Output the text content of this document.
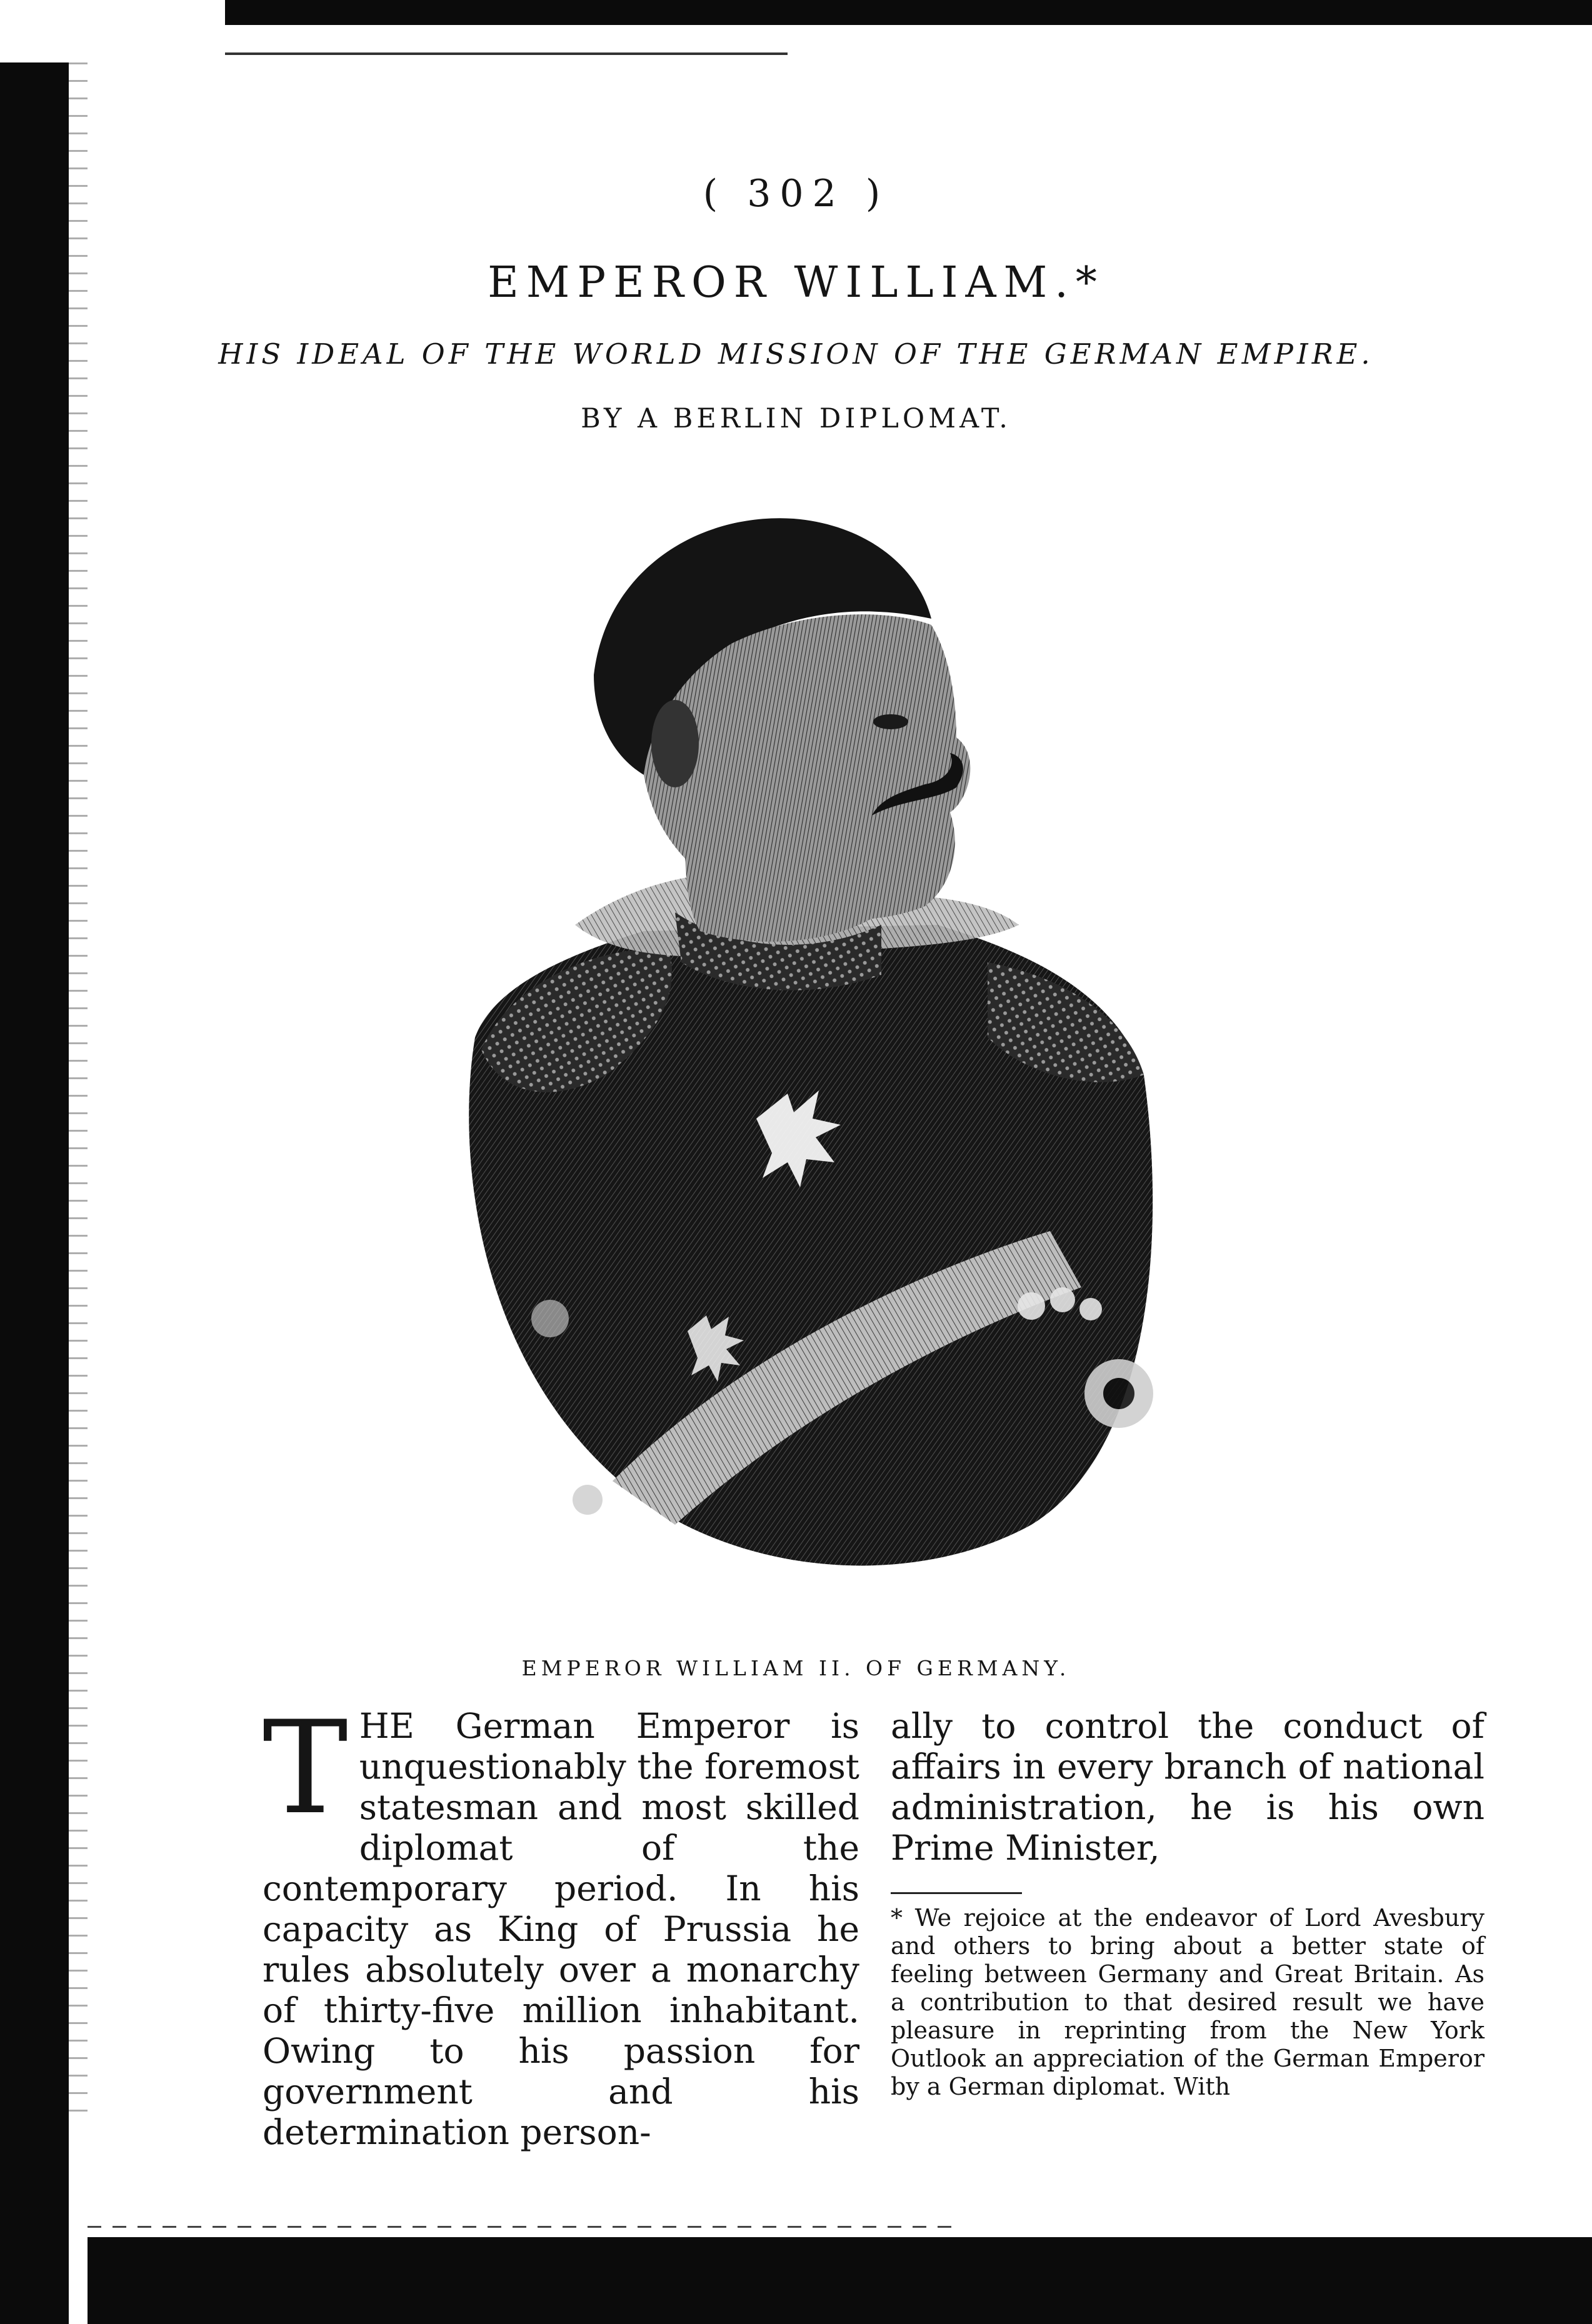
( 302 )
EMPEROR WILLIAM.*
HIS IDEAL OF THE WORLD MISSION OF THE GERMAN EMPIRE.
BY A BERLIN DIPLOMAT.
EMPEROR WILLIAM II. OF GERMANY.
THE German Emperor is unquestionably the foremost statesman and most skilled diplomat of the contemporary period. In his capacity as King of Prussia he rules absolutely over a monarchy of thirty-five million inhabitant. Owing to his passion for government and his determination person-
ally to control the conduct of affairs in every branch of national administration, he is his own Prime Minister,
* We rejoice at the endeavor of Lord Avesbury and others to bring about a better state of feeling between Germany and Great Britain. As a contribution to that desired result we have pleasure in reprinting from the New York Outlook an appreciation of the German Emperor by a German diplomat. With
